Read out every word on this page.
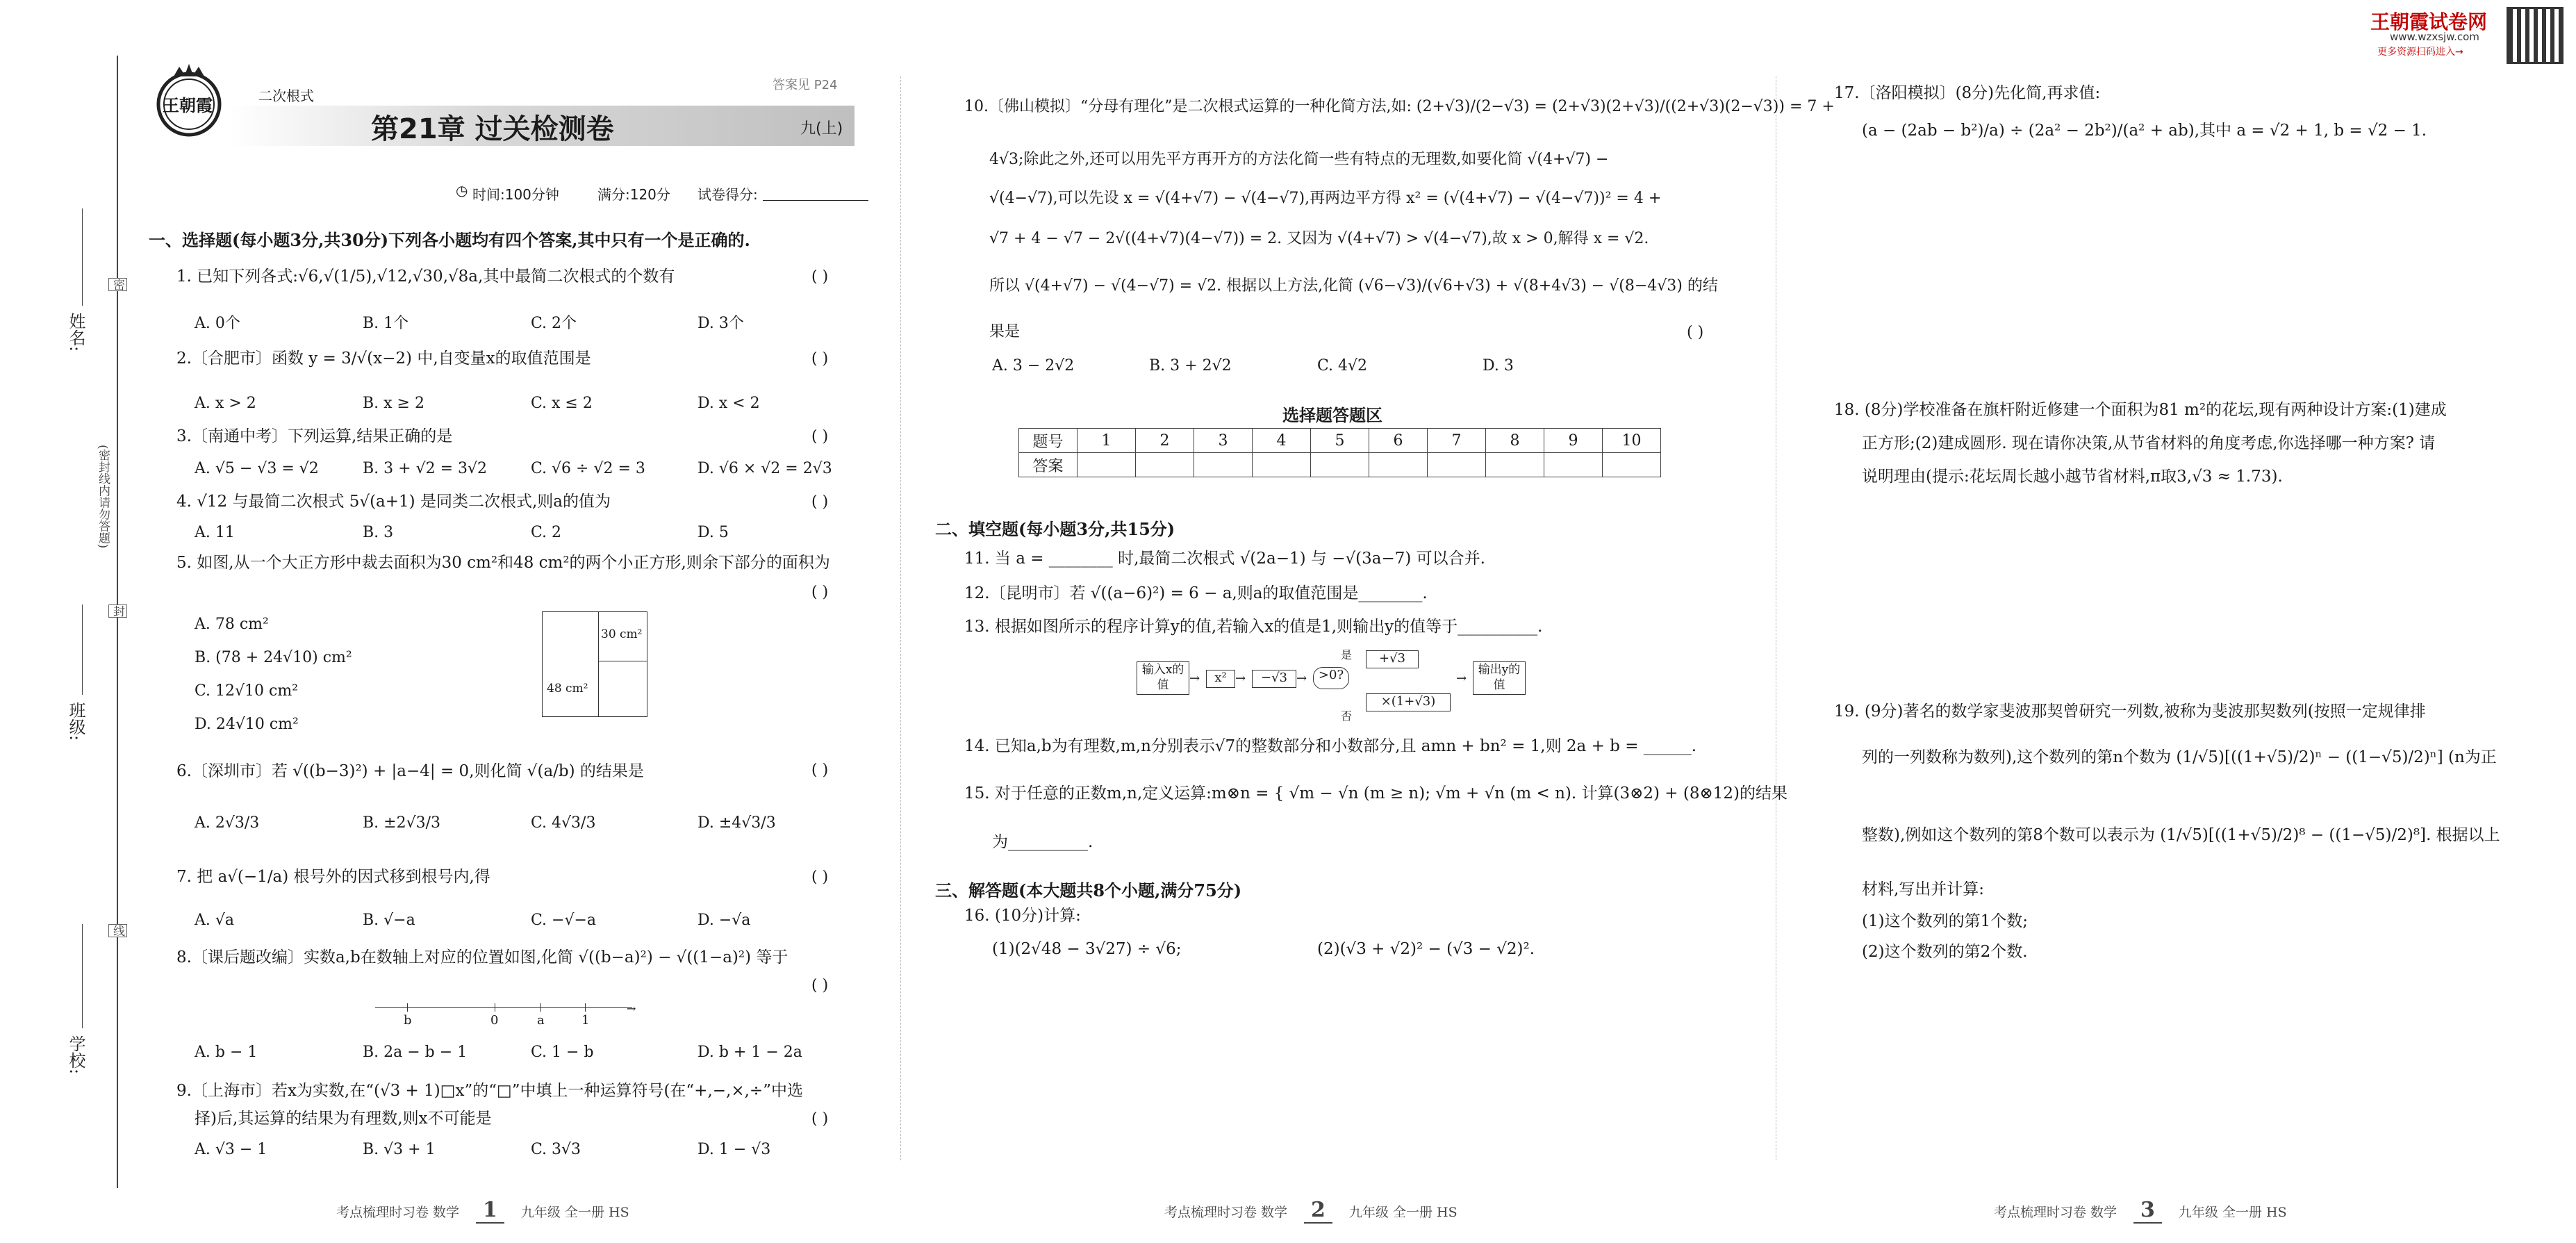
姓名:
班级:
学校:
(密封线内请勿答题)
密
封
线
王朝霞	二次根式
答案见 P24
第21章 过关检测卷	九(上)
◷ 时间:100分钟	满分:120分 试卷得分:
王朝霞试卷网
www.wzxsjw.com
更多资源扫码进入→
一、选择题(每小题3分,共30分)下列各小题均有四个答案,其中只有一个是正确的.
1. 已知下列各式:√6,√(1/5),√12,√30,√8a,其中最简二次根式的个数有	( )
A. 0个	B. 1个	C. 2个	D. 3个
2.〔合肥市〕函数 y = 3/√(x−2) 中,自变量x的取值范围是	( )
A. x > 2	B. x ≥ 2	C. x ≤ 2	D. x < 2
3.〔南通中考〕下列运算,结果正确的是	( )
A. √5 − √3 = √2	B. 3 + √2 = 3√2	C. √6 ÷ √2 = 3	D. √6 × √2 = 2√3
4. √12 与最简二次根式 5√(a+1) 是同类二次根式,则a的值为	( )
A. 11	B. 3	C. 2	D. 5
5. 如图,从一个大正方形中裁去面积为30 cm²和48 cm²的两个小正方形,则余下部分的面积为
( )
A. 78 cm²
B. (78 + 24√10) cm²
C. 12√10 cm²
D. 24√10 cm²
30 cm²
48 cm²
6.〔深圳市〕若 √((b−3)²) + |a−4| = 0,则化简 √(a/b) 的结果是	( )
A. 2√3/3	B. ±2√3/3	C. 4√3/3	D. ±4√3/3
7. 把 a√(−1/a) 根号外的因式移到根号内,得	( )
A. √a	B. √−a	C. −√−a	D. −√a
8.〔课后题改编〕实数a,b在数轴上对应的位置如图,化简 √((b−a)²) − √((1−a)²) 等于
( )
→
b	0	a	1
A. b − 1	B. 2a − b − 1	C. 1 − b	D. b + 1 − 2a
9.〔上海市〕若x为实数,在“(√3 + 1)□x”的“□”中填上一种运算符号(在“+,−,×,÷”中选
择)后,其运算的结果为有理数,则x不可能是	( )
A. √3 − 1	B. √3 + 1	C. 3√3	D. 1 − √3
10.〔佛山模拟〕“分母有理化”是二次根式运算的一种化简方法,如: (2+√3)/(2−√3) = (2+√3)(2+√3)/((2+√3)(2−√3)) = 7 +
4√3;除此之外,还可以用先平方再开方的方法化简一些有特点的无理数,如要化简 √(4+√7) −
√(4−√7),可以先设 x = √(4+√7) − √(4−√7),再两边平方得 x² = (√(4+√7) − √(4−√7))² = 4 +
√7 + 4 − √7 − 2√((4+√7)(4−√7)) = 2. 又因为 √(4+√7) > √(4−√7),故 x > 0,解得 x = √2.
所以 √(4+√7) − √(4−√7) = √2. 根据以上方法,化简 (√6−√3)/(√6+√3) + √(8+4√3) − √(8−4√3) 的结
果是	( )
A. 3 − 2√2	B. 3 + 2√2	C. 4√2	D. 3
选择题答题区
题号	1	2	3	4	5	6	7	8	9	10
答案										
二、填空题(每小题3分,共15分)
11. 当 a = ________ 时,最简二次根式 √(2a−1) 与 −√(3a−7) 可以合并.
12.〔昆明市〕若 √((a−6)²) = 6 − a,则a的取值范围是________.
13. 根据如图所示的程序计算y的值,若输入x的值是1,则输出y的值等于__________.
输入x的值	→	x² →	−√3 → >0?
是
否
+√3
×(1+√3)
→
输出y的值
14. 已知a,b为有理数,m,n分别表示√7的整数部分和小数部分,且 amn + bn² = 1,则 2a + b = ______.
15. 对于任意的正数m,n,定义运算:m⊗n = { √m − √n (m ≥ n); √m + √n (m < n). 计算(3⊗2) + (8⊗12)的结果
为__________.
三、解答题(本大题共8个小题,满分75分)
16. (10分)计算:
(1)(2√48 − 3√27) ÷ √6;	(2)(√3 + √2)² − (√3 − √2)².
17.〔洛阳模拟〕(8分)先化简,再求值:
(a − (2ab − b²)/a) ÷ (2a² − 2b²)/(a² + ab),其中 a = √2 + 1, b = √2 − 1.
18. (8分)学校准备在旗杆附近修建一个面积为81 m²的花坛,现有两种设计方案:(1)建成
正方形;(2)建成圆形. 现在请你决策,从节省材料的角度考虑,你选择哪一种方案? 请
说明理由(提示:花坛周长越小越节省材料,π取3,√3 ≈ 1.73).
19. (9分)著名的数学家斐波那契曾研究一列数,被称为斐波那契数列(按照一定规律排
列的一列数称为数列),这个数列的第n个数为 (1/√5)[((1+√5)/2)ⁿ − ((1−√5)/2)ⁿ] (n为正
整数),例如这个数列的第8个数可以表示为 (1/√5)[((1+√5)/2)⁸ − ((1−√5)/2)⁸]. 根据以上
材料,写出并计算:
(1)这个数列的第1个数;
(2)这个数列的第2个数.
考点梳理时习卷 数学 1 九年级 全一册 HS	考点梳理时习卷 数学 2 九年级 全一册 HS	考点梳理时习卷 数学 3 九年级 全一册 HS
